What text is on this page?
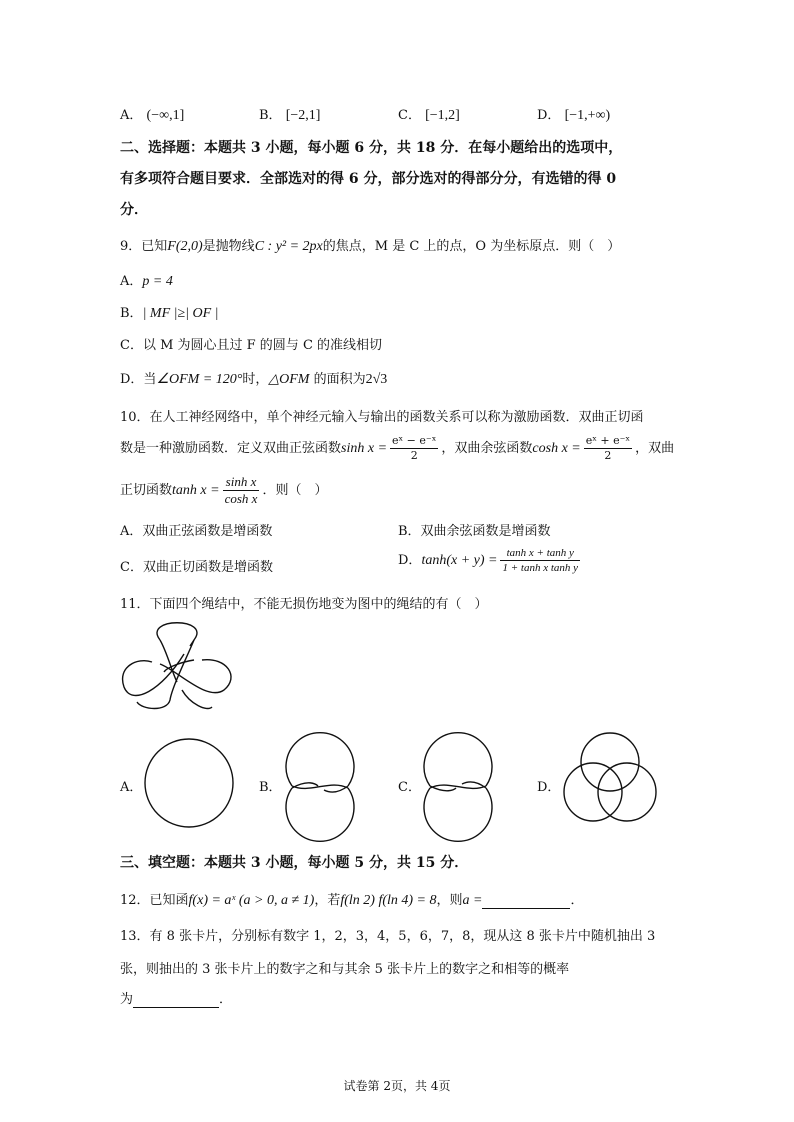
A． (−∞,1]	B． [−2,1]	C． [−1,2]	D． [−1,+∞)
二、选择题：本题共 3 小题，每小题 6 分，共 18 分．在每小题给出的选项中，
有多项符合题目要求．全部选对的得 6 分，部分选对的得部分分，有选错的得 0
分．
9．已知F(2,0)是抛物线C : y² = 2px的焦点，M 是 C 上的点，O 为坐标原点．则（　）
A．p = 4
B．| MF |≥| OF |
C．以 M 为圆心且过 F 的圆与 C 的准线相切
D．当∠OFM = 120°时，△OFM 的面积为2√3
10．在人工神经网络中，单个神经元输入与输出的函数关系可以称为激励函数．双曲正切函
数是一种激励函数．定义双曲正弦函数$\sinh x = \frac{\text{eˣ − e⁻ˣ}}{2}$ ，双曲余弦函数$\cosh x = \frac{\text{eˣ + e⁻ˣ}}{2}$ ，双曲
正切函数$\tanh x = \frac{\text{sinh x}}{\text{cosh x}}$ ．则（　）
A．双曲正弦函数是增函数	B．双曲余弦函数是增函数
C．双曲正切函数是增函数	D．$\tanh(x + y) = \frac{\text{tanh x + tanh y}}{\text{1 + tanh x tanh y}}$
11．下面四个绳结中，不能无损伤地变为图中的绳结的有（　）
A．	B．	C．	D．
三、填空题：本题共 3 小题，每小题 5 分，共 15 分．
12．已知函f(x) = aˣ (a > 0, a ≠ 1)，若f(ln 2) f(ln 4) = 8，则a =	．
13．有 8 张卡片，分别标有数字 1，2，3，4，5，6，7，8，现从这 8 张卡片中随机抽出 3
张，则抽出的 3 张卡片上的数字之和与其余 5 张卡片上的数字之和相等的概率
为	．
试卷第 2页，共 4页
